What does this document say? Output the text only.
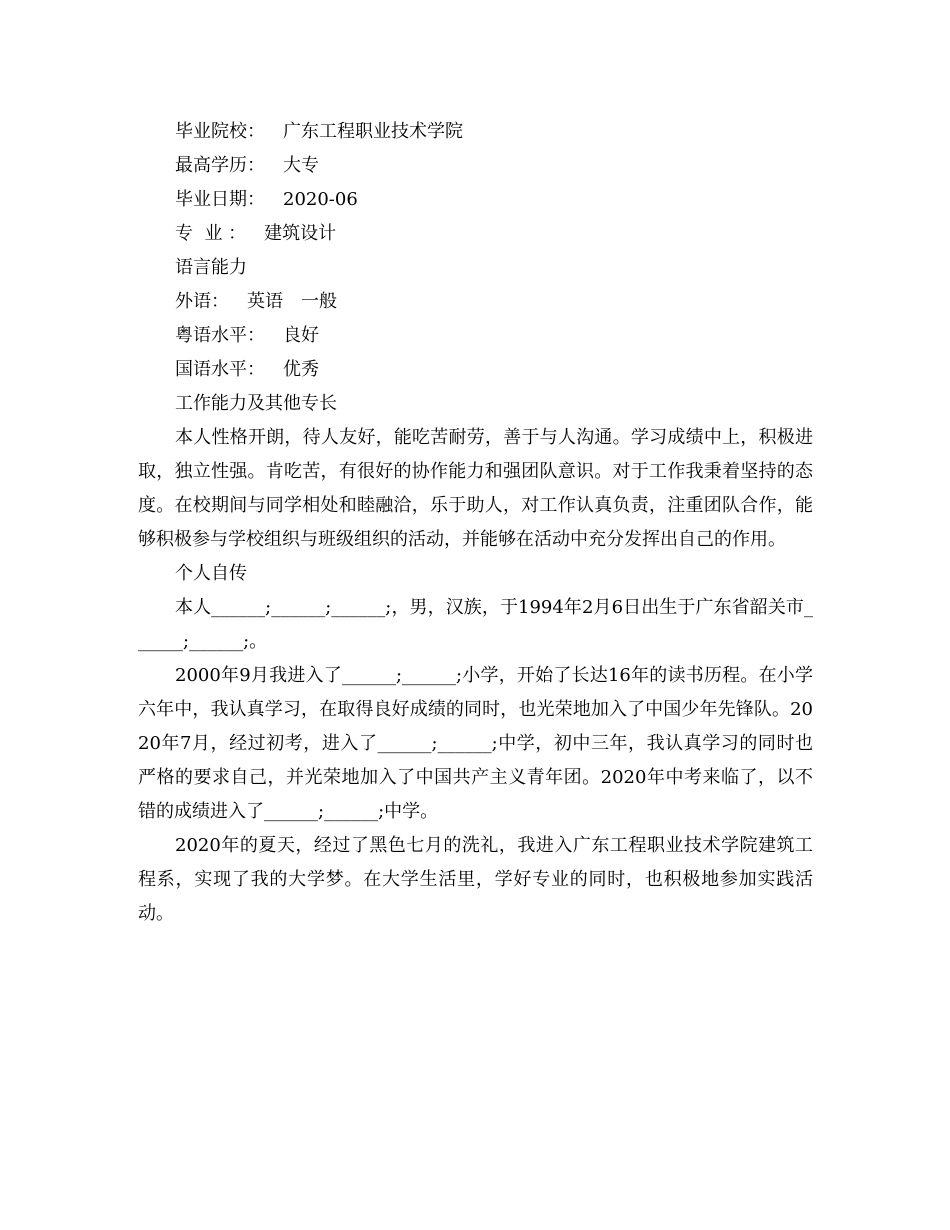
毕业院校： 广东工程职业技术学院

最高学历： 大专

毕业日期： 2020-06

专  业 ： 建筑设计

语言能力

外语： 英语 一般

粤语水平： 良好

国语水平： 优秀

工作能力及其他专长

本人性格开朗，待人友好，能吃苦耐劳，善于与人沟通。学习成绩中上，积极进取，独立性强。肯吃苦，有很好的协作能力和强团队意识。对于工作我秉着坚持的态度。在校期间与同学相处和睦融洽，乐于助人，对工作认真负责，注重团队合作，能够积极参与学校组织与班级组织的活动，并能够在活动中充分发挥出自己的作用。

个人自传

本人______;______;______;，男，汉族，于1994年2月6日出生于广东省韶关市______;______;。

2000年9月我进入了______;______;小学，开始了长达16年的读书历程。在小学六年中，我认真学习，在取得良好成绩的同时，也光荣地加入了中国少年先锋队。2020年7月，经过初考，进入了______;______;中学，初中三年，我认真学习的同时也严格的要求自己，并光荣地加入了中国共产主义青年团。2020年中考来临了，以不错的成绩进入了______;______;中学。

2020年的夏天，经过了黑色七月的洗礼，我进入广东工程职业技术学院建筑工程系，实现了我的大学梦。在大学生活里，学好专业的同时，也积极地参加实践活动。
